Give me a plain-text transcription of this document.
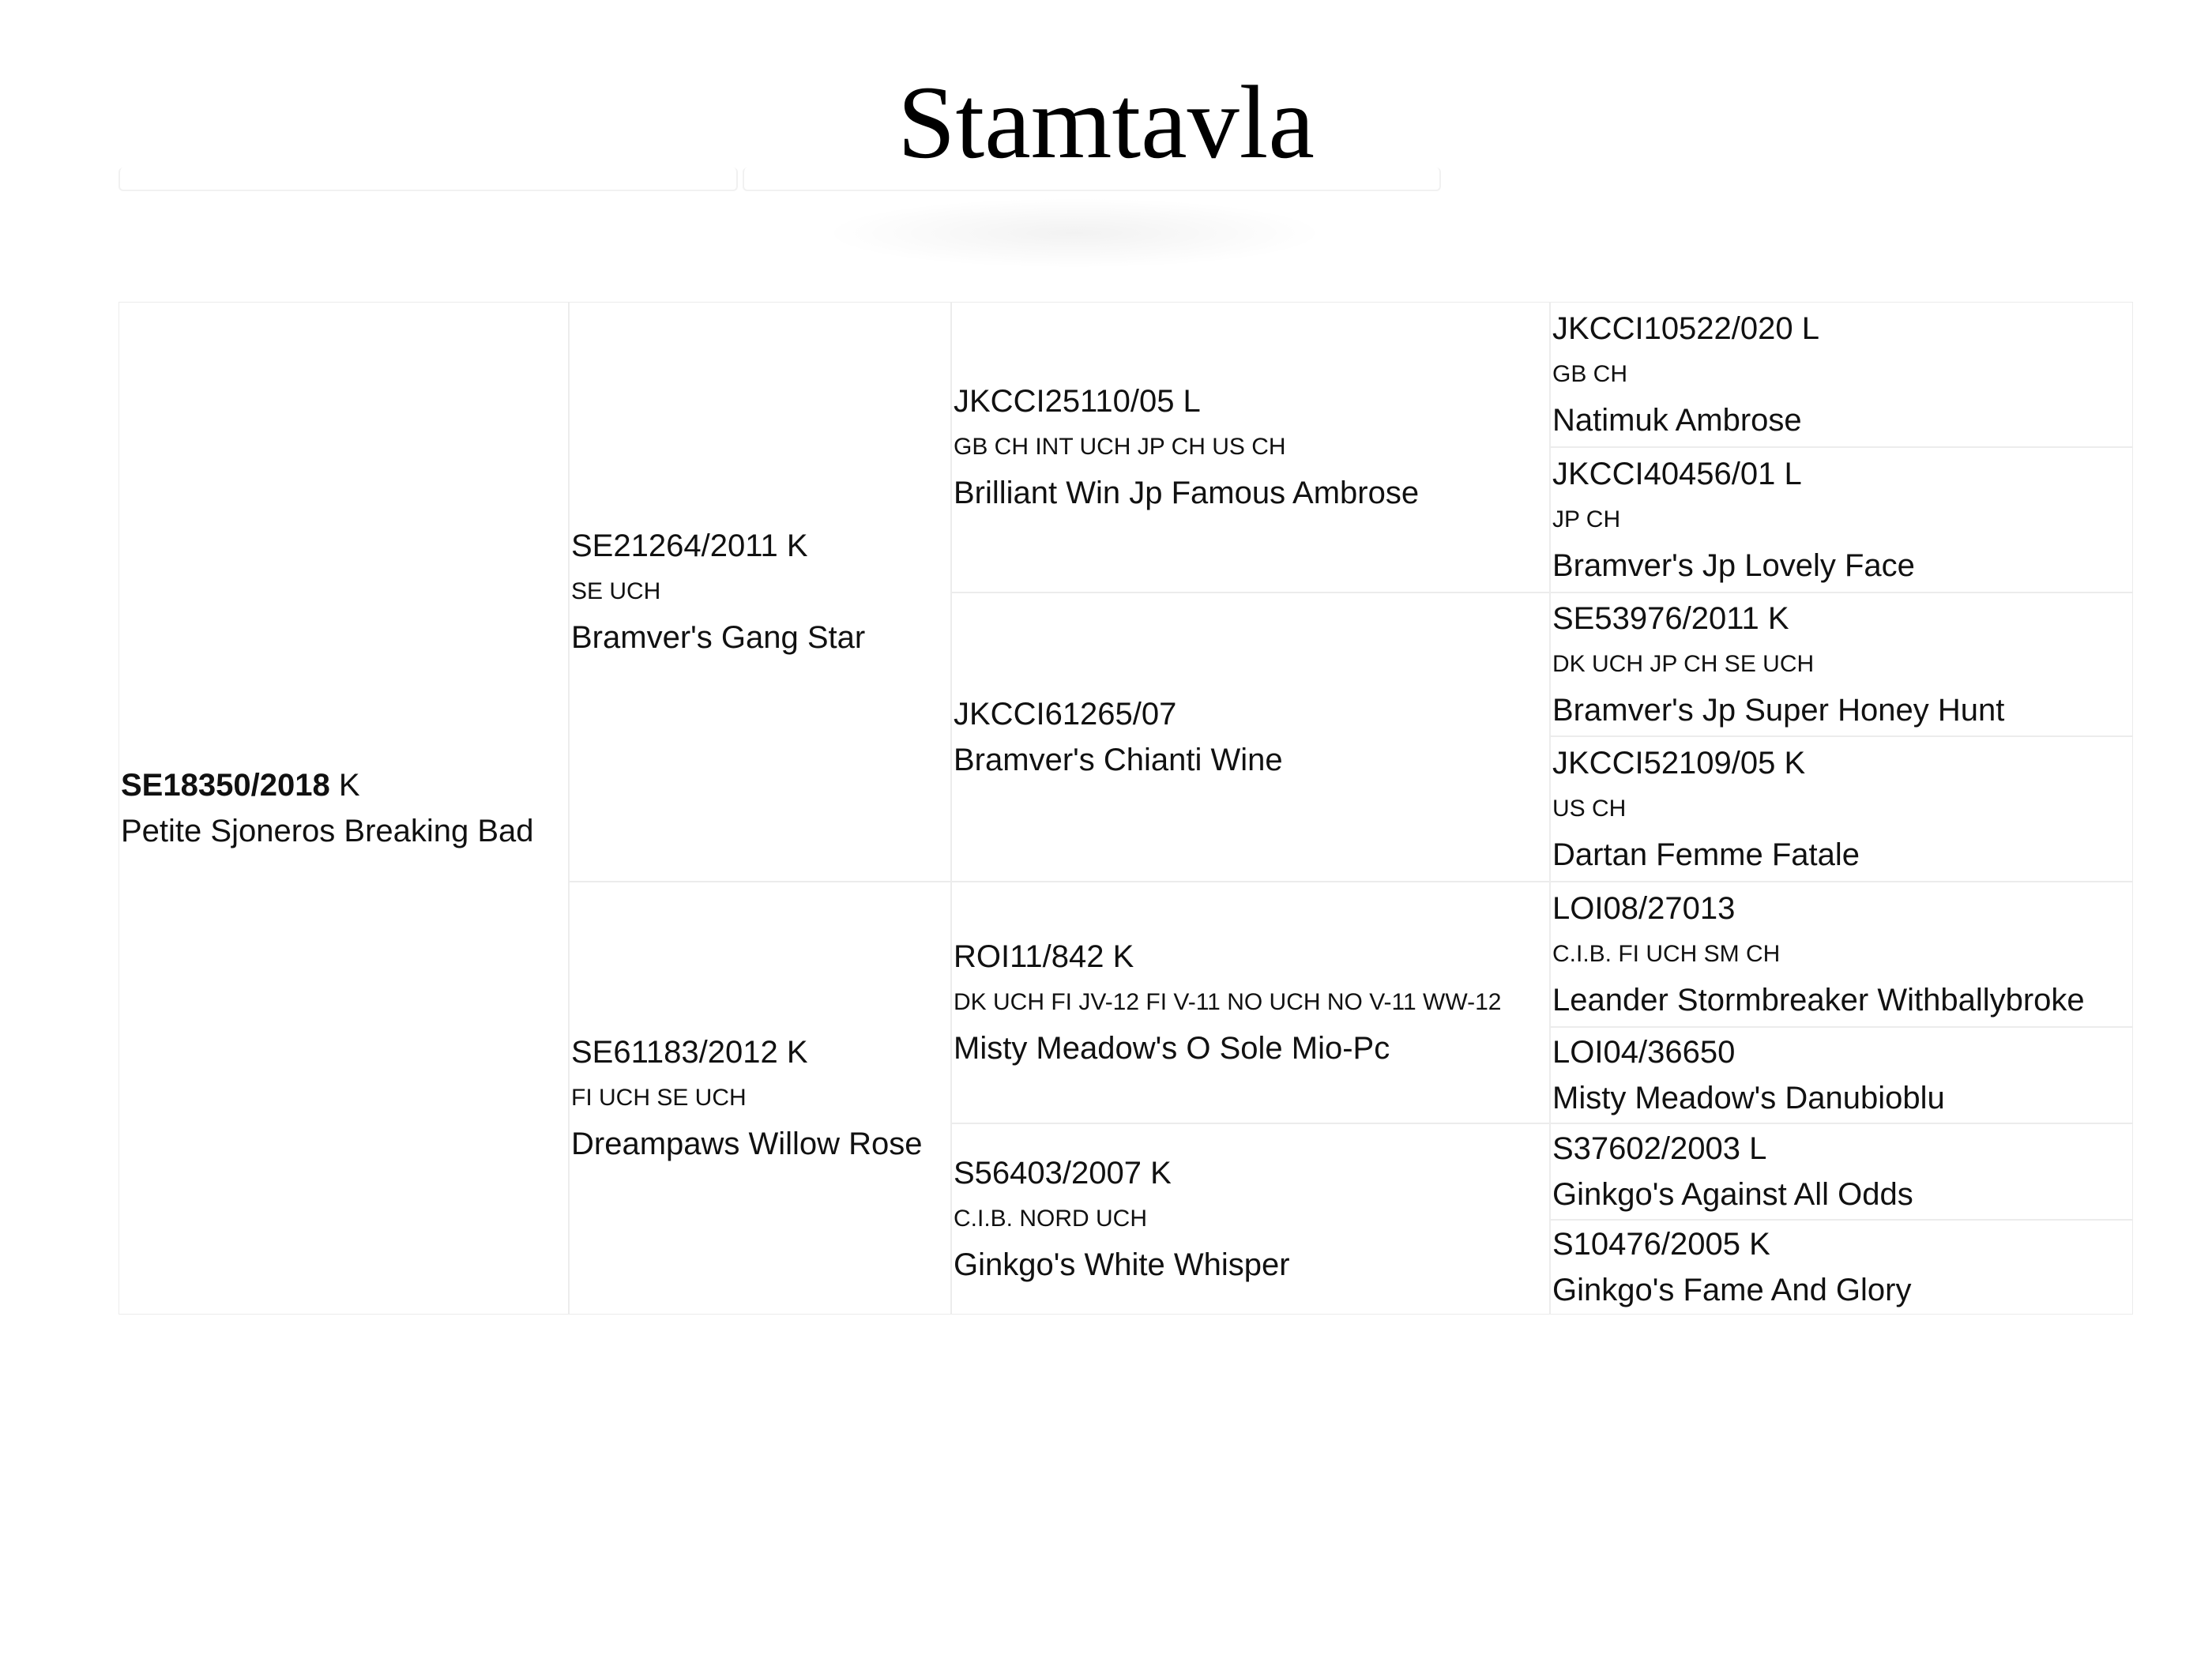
Stamtavla
SE18350/2018 K
Petite Sjoneros Breaking Bad
SE21264/2011 K
SE UCH
Bramver's Gang Star
SE61183/2012 K
FI UCH SE UCH
Dreampaws Willow Rose
JKCCI25110/05 L
GB CH INT UCH JP CH US CH
Brilliant Win Jp Famous Ambrose
JKCCI61265/07
Bramver's Chianti Wine
ROI11/842 K
DK UCH FI JV-12 FI V-11 NO UCH NO V-11 WW-12
Misty Meadow's O Sole Mio-Pc
S56403/2007 K
C.I.B. NORD UCH
Ginkgo's White Whisper
JKCCI10522/020 L
GB CH
Natimuk Ambrose
JKCCI40456/01 L
JP CH
Bramver's Jp Lovely Face
SE53976/2011 K
DK UCH JP CH SE UCH
Bramver's Jp Super Honey Hunt
JKCCI52109/05 K
US CH
Dartan Femme Fatale
LOI08/27013
C.I.B. FI UCH SM CH
Leander Stormbreaker Withballybroke
LOI04/36650
Misty Meadow's Danubioblu
S37602/2003 L
Ginkgo's Against All Odds
S10476/2005 K
Ginkgo's Fame And Glory
